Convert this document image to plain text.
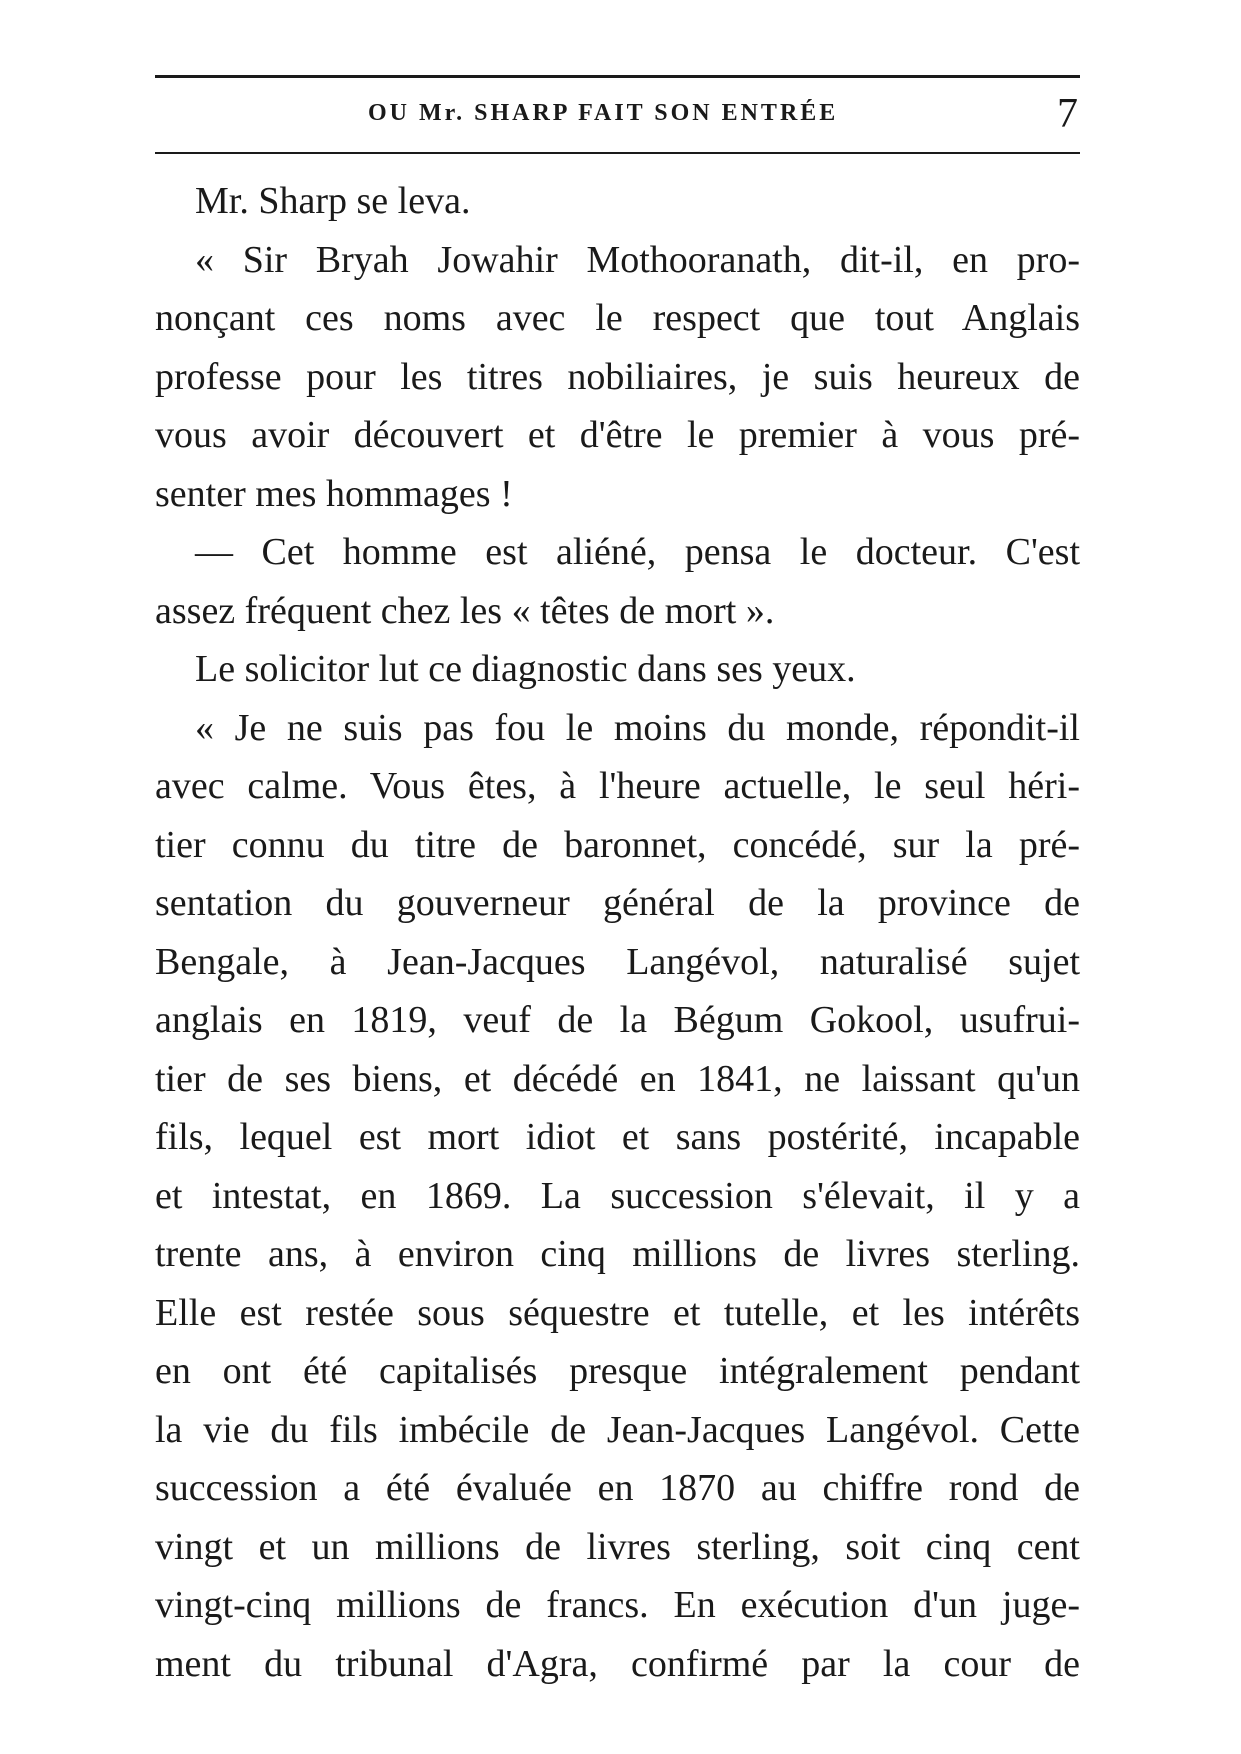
OU Mr. SHARP FAIT SON ENTRÉE	7
Mr. Sharp se leva.
« Sir Bryah Jowahir Mothooranath, dit-il, en pro-
nonçant ces noms avec le respect que tout Anglais
professe pour les titres nobiliaires, je suis heureux de
vous avoir découvert et d'être le premier à vous pré-
senter mes hommages !
— Cet homme est aliéné, pensa le docteur. C'est
assez fréquent chez les « têtes de mort ».
Le solicitor lut ce diagnostic dans ses yeux.
« Je ne suis pas fou le moins du monde, répondit-il
avec calme. Vous êtes, à l'heure actuelle, le seul héri-
tier connu du titre de baronnet, concédé, sur la pré-
sentation du gouverneur général de la province de
Bengale, à Jean-Jacques Langévol, naturalisé sujet
anglais en 1819, veuf de la Bégum Gokool, usufrui-
tier de ses biens, et décédé en 1841, ne laissant qu'un
fils, lequel est mort idiot et sans postérité, incapable
et intestat, en 1869. La succession s'élevait, il y a
trente ans, à environ cinq millions de livres sterling.
Elle est restée sous séquestre et tutelle, et les intérêts
en ont été capitalisés presque intégralement pendant
la vie du fils imbécile de Jean-Jacques Langévol. Cette
succession a été évaluée en 1870 au chiffre rond de
vingt et un millions de livres sterling, soit cinq cent
vingt-cinq millions de francs. En exécution d'un juge-
ment du tribunal d'Agra, confirmé par la cour de
